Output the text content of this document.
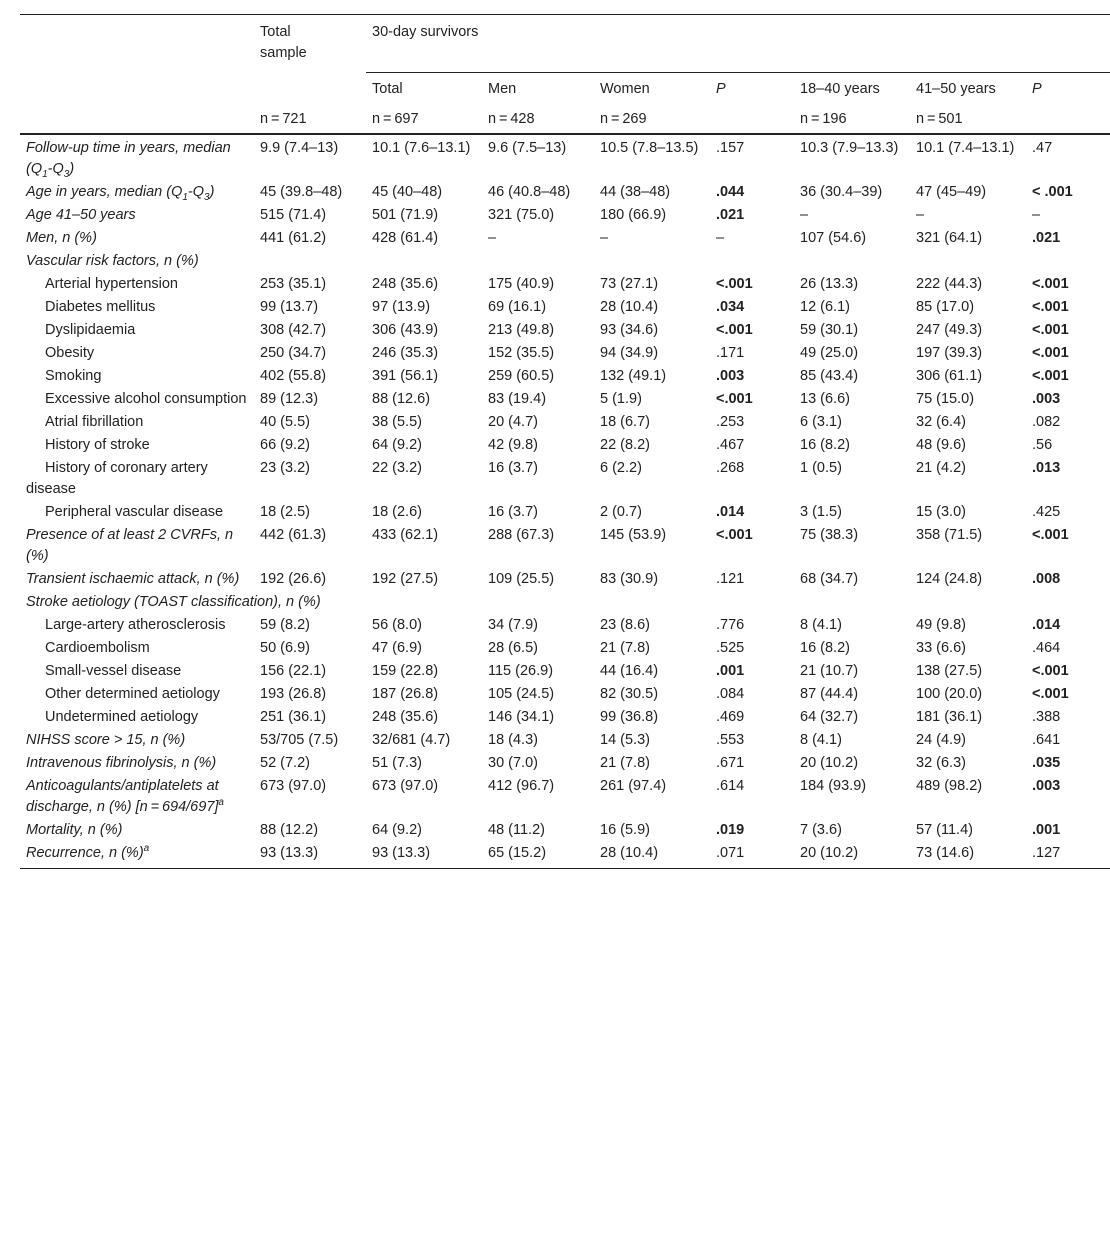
	Total sample	30-day survivors						
		Total	Men	Women	P	18–40 years	41–50 years	P
	n = 721	n = 697	n = 428	n = 269		n = 196	n = 501	
Follow-up time in years, median $(Q_1-Q_3)$	9.9 (7.4–13)	10.1 (7.6–13.1)	9.6 (7.5–13)	10.5 (7.8–13.5)	.157	10.3 (7.9–13.3)	10.1 (7.4–13.1)	.47
Age in years, median $(Q_1-Q_3)$	45 (39.8–48)	45 (40–48)	46 (40.8–48)	44 (38–48)	.044	36 (30.4–39)	47 (45–49)	< .001
Age 41–50 years	515 (71.4)	501 (71.9)	321 (75.0)	180 (66.9)	.021	–	–	–
Men, n (%)	441 (61.2)	428 (61.4)	–	–	–	107 (54.6)	321 (64.1)	.021
Vascular risk factors, n (%)								
Arterial hypertension	253 (35.1)	248 (35.6)	175 (40.9)	73 (27.1)	<.001	26 (13.3)	222 (44.3)	<.001
Diabetes mellitus	99 (13.7)	97 (13.9)	69 (16.1)	28 (10.4)	.034	12 (6.1)	85 (17.0)	<.001
Dyslipidaemia	308 (42.7)	306 (43.9)	213 (49.8)	93 (34.6)	<.001	59 (30.1)	247 (49.3)	<.001
Obesity	250 (34.7)	246 (35.3)	152 (35.5)	94 (34.9)	.171	49 (25.0)	197 (39.3)	<.001
Smoking	402 (55.8)	391 (56.1)	259 (60.5)	132 (49.1)	.003	85 (43.4)	306 (61.1)	<.001
Excessive alcohol consumption	89 (12.3)	88 (12.6)	83 (19.4)	5 (1.9)	<.001	13 (6.6)	75 (15.0)	.003
Atrial fibrillation	40 (5.5)	38 (5.5)	20 (4.7)	18 (6.7)	.253	6 (3.1)	32 (6.4)	.082
History of stroke	66 (9.2)	64 (9.2)	42 (9.8)	22 (8.2)	.467	16 (8.2)	48 (9.6)	.56
History of coronary artery disease	23 (3.2)	22 (3.2)	16 (3.7)	6 (2.2)	.268	1 (0.5)	21 (4.2)	.013
Peripheral vascular disease	18 (2.5)	18 (2.6)	16 (3.7)	2 (0.7)	.014	3 (1.5)	15 (3.0)	.425
Presence of at least 2 CVRFs, n (%)	442 (61.3)	433 (62.1)	288 (67.3)	145 (53.9)	<.001	75 (38.3)	358 (71.5)	<.001
Transient ischaemic attack, n (%)	192 (26.6)	192 (27.5)	109 (25.5)	83 (30.9)	.121	68 (34.7)	124 (24.8)	.008
Stroke aetiology (TOAST classification), n (%)								
Large-artery atherosclerosis	59 (8.2)	56 (8.0)	34 (7.9)	23 (8.6)	.776	8 (4.1)	49 (9.8)	.014
Cardioembolism	50 (6.9)	47 (6.9)	28 (6.5)	21 (7.8)	.525	16 (8.2)	33 (6.6)	.464
Small-vessel disease	156 (22.1)	159 (22.8)	115 (26.9)	44 (16.4)	.001	21 (10.7)	138 (27.5)	<.001
Other determined aetiology	193 (26.8)	187 (26.8)	105 (24.5)	82 (30.5)	.084	87 (44.4)	100 (20.0)	<.001
Undetermined aetiology	251 (36.1)	248 (35.6)	146 (34.1)	99 (36.8)	.469	64 (32.7)	181 (36.1)	.388
NIHSS score > 15, n (%)	53/705 (7.5)	32/681 (4.7)	18 (4.3)	14 (5.3)	.553	8 (4.1)	24 (4.9)	.641
Intravenous fibrinolysis, n (%)	52 (7.2)	51 (7.3)	30 (7.0)	21 (7.8)	.671	20 (10.2)	32 (6.3)	.035
Anticoagulants/antiplatelets at discharge, n (%) [n = 694/697]$^a$	673 (97.0)	673 (97.0)	412 (96.7)	261 (97.4)	.614	184 (93.9)	489 (98.2)	.003
Mortality, n (%)	88 (12.2)	64 (9.2)	48 (11.2)	16 (5.9)	.019	7 (3.6)	57 (11.4)	.001
Recurrence, n (%)$^a$	93 (13.3)	93 (13.3)	65 (15.2)	28 (10.4)	.071	20 (10.2)	73 (14.6)	.127
